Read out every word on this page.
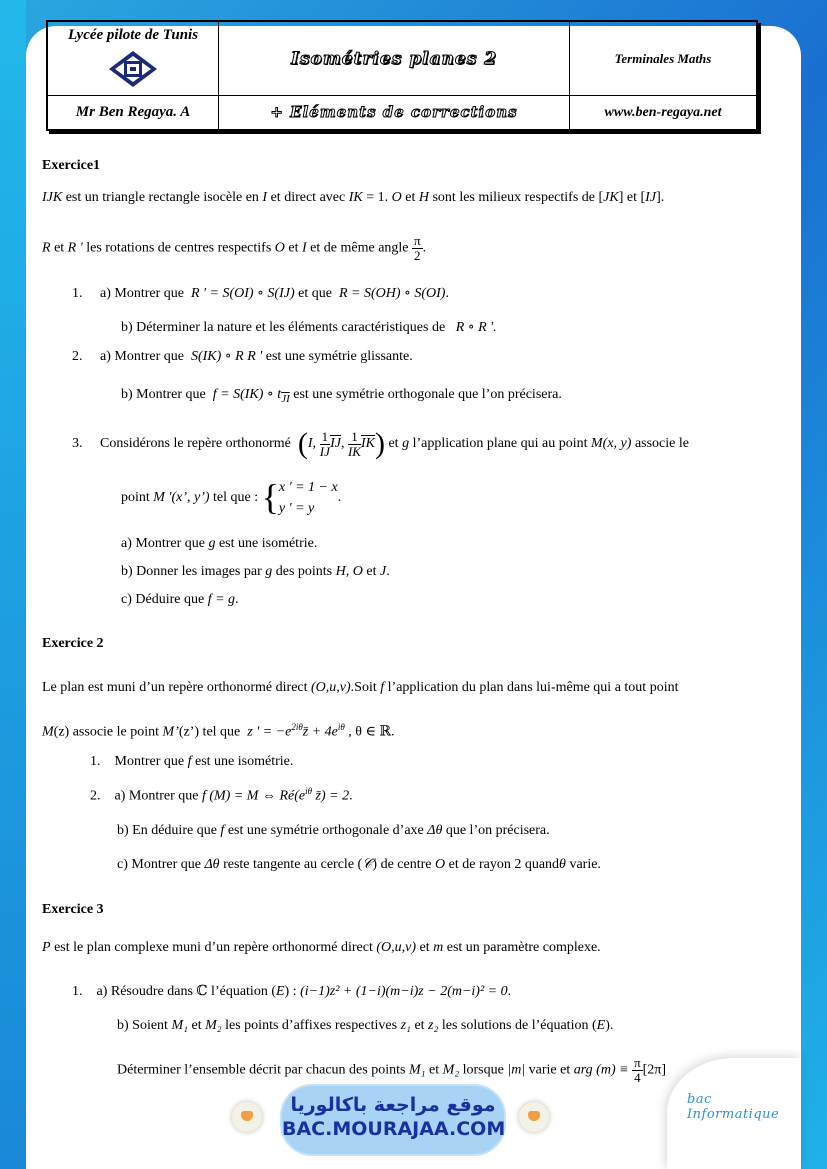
Lycée pilote de Tunis	Isométries planes 2	Terminales Maths

Mr Ben Regaya. A	+ Eléments de corrections	www.ben-regaya.net
Exercice1
IJK est un triangle rectangle isocèle en I et direct avec IK = 1. O et H sont les milieux respectifs de [JK] et [IJ].
R et R ' les rotations de centres respectifs O et I et de même angle $\frac{\pi}{2}$ .
1. a) Montrer que R ' = S(OI) ∘ S(IJ) et que  R = S(OH) ∘ S(OI).
b) Déterminer la nature et les éléments caractéristiques de R ∘ R '.
2. a) Montrer que S(IK) ∘ R R ' est une symétrie glissante.
b) Montrer que f = S(IK) ∘ $t_{\overline{JI}}$ est une symétrie orthogonale que l’on précisera.
3. Considérons le repère orthonormé (I, $\frac{1}{IJ}\overline{IJ}$, $\frac{1}{IK}\overline{IK}$) et g l’application plane qui au point M(x, y) associe le
point M '(x’, y’) tel que : { x ' = 1 − x
y ' = y
.
a) Montrer que g est une isométrie.
b) Donner les images par g des points H, O et J.
c) Déduire que f = g.
Exercice 2
Le plan est muni d’un repère orthonormé direct (O,u,v).Soit f l’application du plan dans lui-même qui a tout point
M(z) associe le point M’(z’) tel que z ' = $-e^{2i\theta}z̄ + 4e^{i\theta}$ , θ ∈ ℝ.
1. Montrer que f est une isométrie.
2. a) Montrer que f (M) = M ⇔ $Ré(e^{i\theta}$ z̄) = 2.
b) En déduire que f est une symétrie orthogonale d’axe Δθ que l’on précisera.
c) Montrer que Δθ reste tangente au cercle (𝒞) de centre O et de rayon 2 quandθ varie.
Exercice 3
P est le plan complexe muni d’un repère orthonormé direct (O,u,v) et m est un paramètre complexe.
1. a) Résoudre dans ℂ l’équation (E) : (i−1)z² + (1−i)(m−i)z − 2(m−i)² = 0.
b) Soient M₁ et M₂ les points d’affixes respectives z₁ et z₂ les solutions de l’équation (E).
Déterminer l’ensemble décrit par chacun des points M₁ et M₂ lorsque |m| varie et arg $(m) \equiv \frac{\pi}{4} [2\pi]$
موقع مراجعة باكالوريا
BAC.MOURAJAA.COM
bac Informatique
